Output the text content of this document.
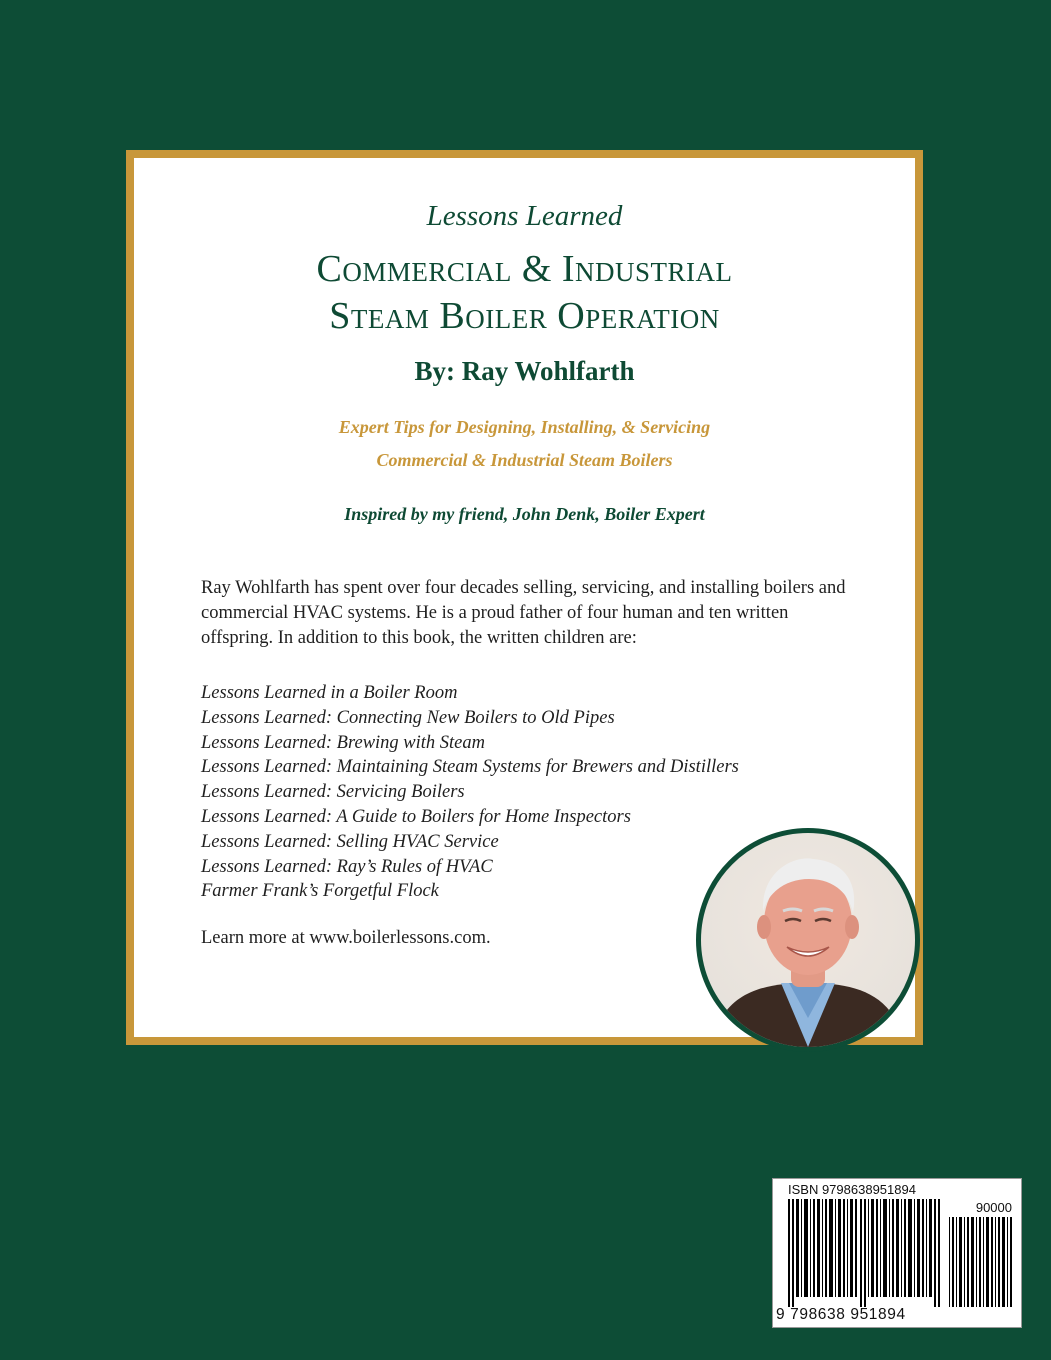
Lessons Learned
Commercial & Industrial
Steam Boiler Operation
By: Ray Wohlfarth
Expert Tips for Designing, Installing, & Servicing
Commercial & Industrial Steam Boilers
Inspired by my friend, John Denk, Boiler Expert
Ray Wohlfarth has spent over four decades selling, servicing, and installing boilers and commercial HVAC systems. He is a proud father of four human and ten written offspring. In addition to this book, the written children are:
Lessons Learned in a Boiler Room
Lessons Learned: Connecting New Boilers to Old Pipes
Lessons Learned: Brewing with Steam
Lessons Learned: Maintaining Steam Systems for Brewers and Distillers
Lessons Learned: Servicing Boilers
Lessons Learned: A Guide to Boilers for Home Inspectors
Lessons Learned: Selling HVAC Service
Lessons Learned: Ray’s Rules of HVAC
Farmer Frank’s Forgetful Flock
Learn more at www.boilerlessons.com.
ISBN 9798638951894
90000
9 798638 951894
